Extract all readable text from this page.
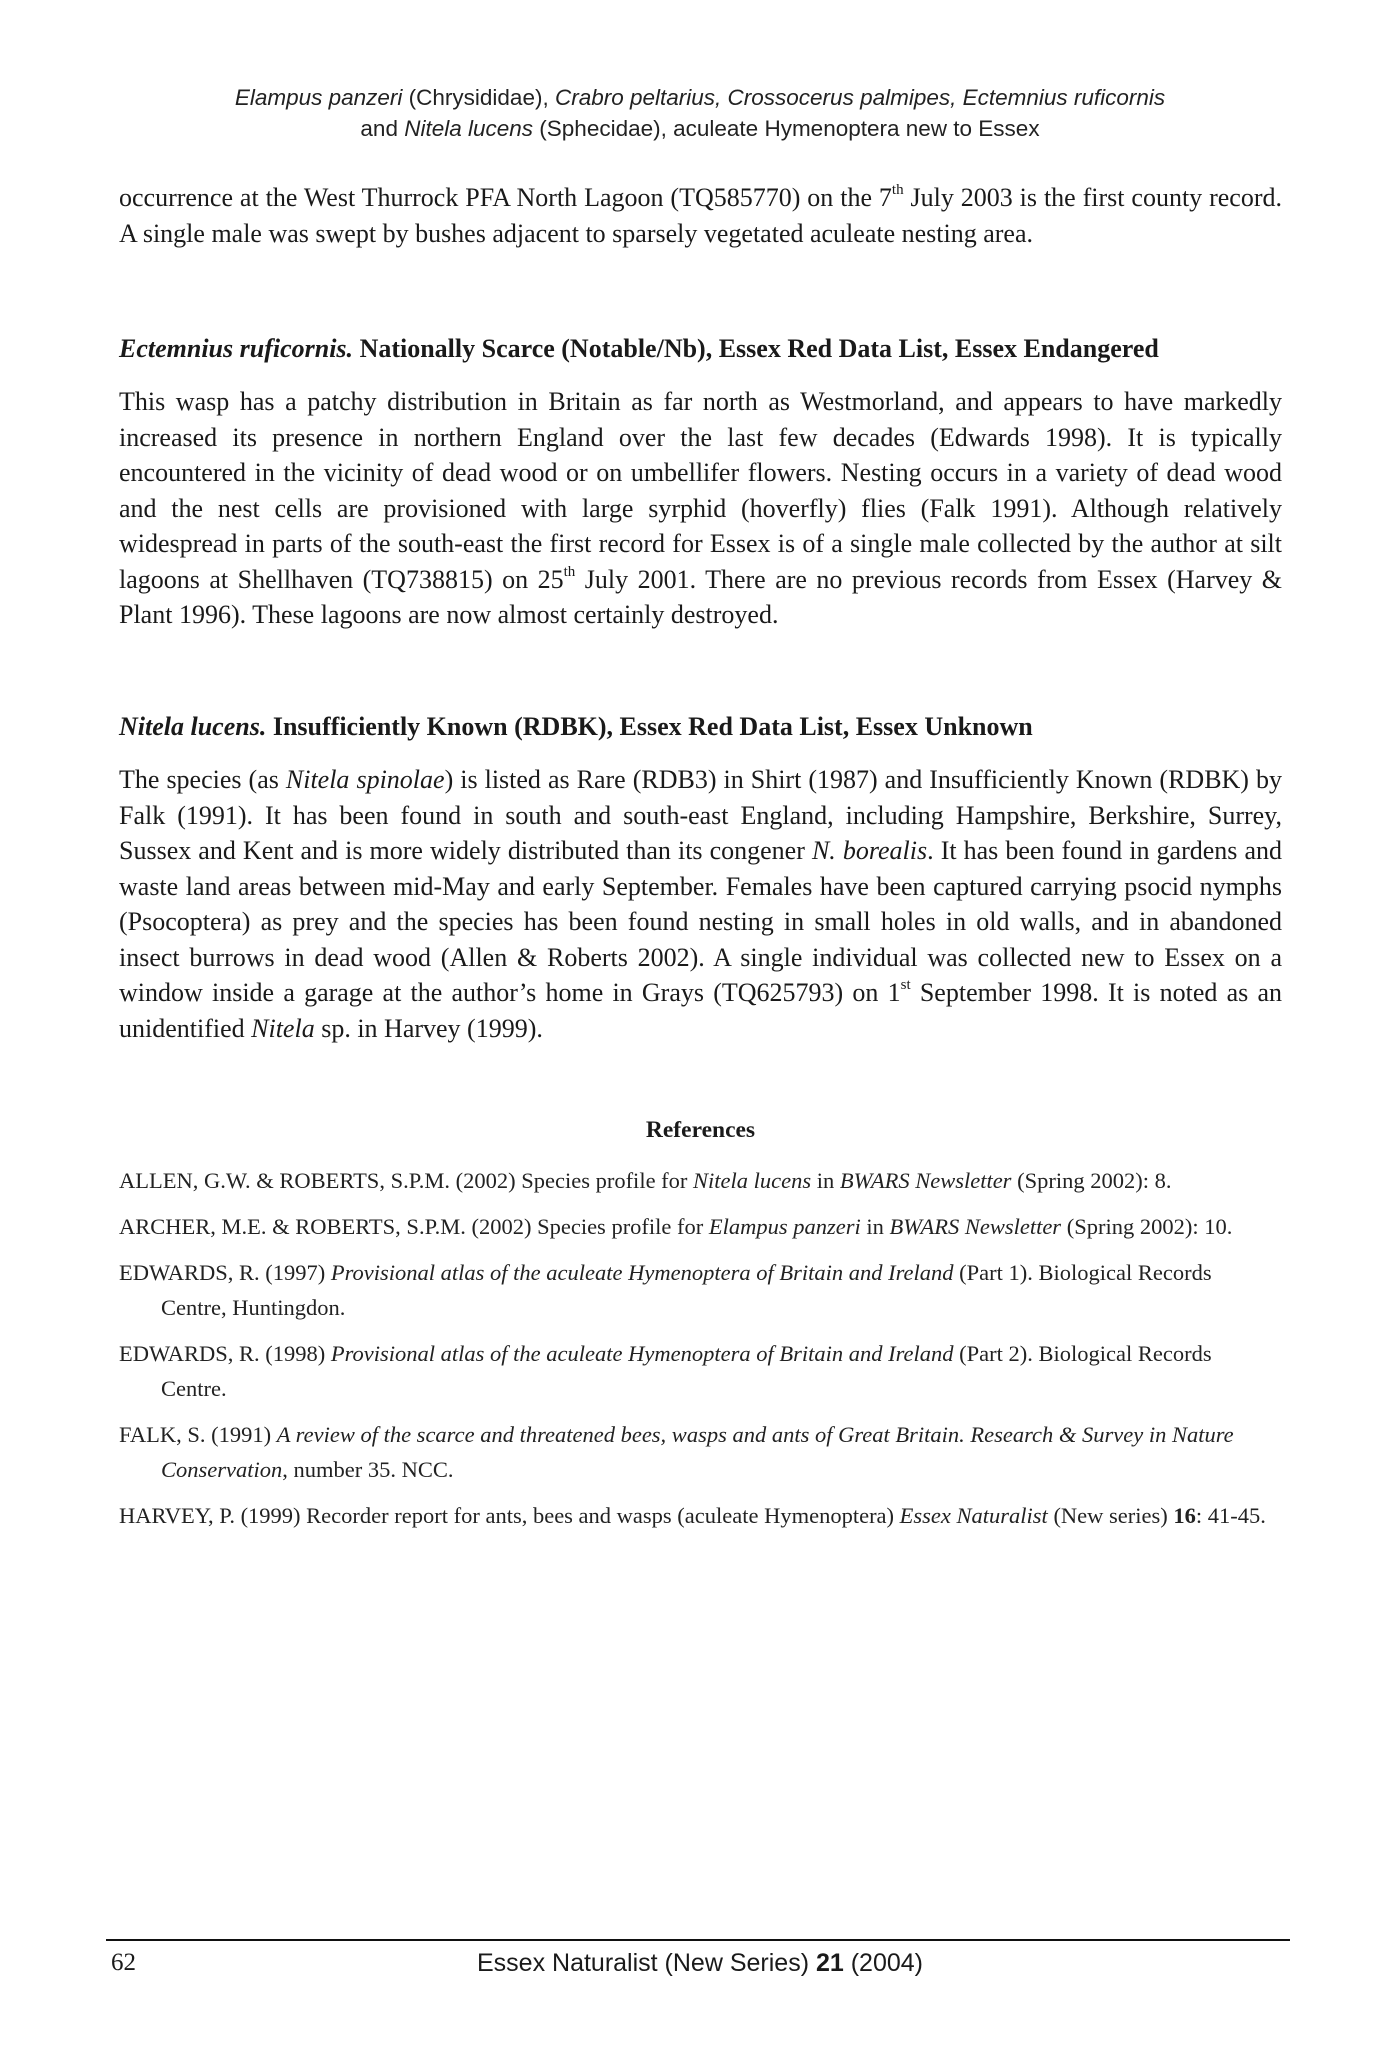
Elampus panzeri (Chrysididae), Crabro peltarius, Crossocerus palmipes, Ectemnius ruficornis
and Nitela lucens (Sphecidae), aculeate Hymenoptera new to Essex
occurrence at the West Thurrock PFA North Lagoon (TQ585770) on the 7th July 2003 is the first county record. A single male was swept by bushes adjacent to sparsely vegetated aculeate nesting area.
Ectemnius ruficornis. Nationally Scarce (Notable/Nb), Essex Red Data List, Essex Endangered
This wasp has a patchy distribution in Britain as far north as Westmorland, and appears to have markedly increased its presence in northern England over the last few decades (Edwards 1998). It is typically encountered in the vicinity of dead wood or on umbellifer flowers. Nesting occurs in a variety of dead wood and the nest cells are provisioned with large syrphid (hoverfly) flies (Falk 1991). Although relatively widespread in parts of the south-east the first record for Essex is of a single male collected by the author at silt lagoons at Shellhaven (TQ738815) on 25th July 2001. There are no previous records from Essex (Harvey & Plant 1996). These lagoons are now almost certainly destroyed.
Nitela lucens. Insufficiently Known (RDBK), Essex Red Data List, Essex Unknown
The species (as Nitela spinolae) is listed as Rare (RDB3) in Shirt (1987) and Insufficiently Known (RDBK) by Falk (1991). It has been found in south and south-east England, including Hampshire, Berkshire, Surrey, Sussex and Kent and is more widely distributed than its congener N. borealis. It has been found in gardens and waste land areas between mid-May and early September. Females have been captured carrying psocid nymphs (Psocoptera) as prey and the species has been found nesting in small holes in old walls, and in abandoned insect burrows in dead wood (Allen & Roberts 2002). A single individual was collected new to Essex on a window inside a garage at the author’s home in Grays (TQ625793) on 1st September 1998. It is noted as an unidentified Nitela sp. in Harvey (1999).
References
ALLEN, G.W. & ROBERTS, S.P.M. (2002) Species profile for Nitela lucens in BWARS Newsletter (Spring 2002): 8.
ARCHER, M.E. & ROBERTS, S.P.M. (2002) Species profile for Elampus panzeri in BWARS Newsletter (Spring 2002): 10.
EDWARDS, R. (1997) Provisional atlas of the aculeate Hymenoptera of Britain and Ireland (Part 1). Biological Records Centre, Huntingdon.
EDWARDS, R. (1998) Provisional atlas of the aculeate Hymenoptera of Britain and Ireland (Part 2). Biological Records Centre.
FALK, S. (1991) A review of the scarce and threatened bees, wasps and ants of Great Britain. Research & Survey in Nature Conservation, number 35. NCC.
HARVEY, P. (1999) Recorder report for ants, bees and wasps (aculeate Hymenoptera) Essex Naturalist (New series) 16: 41-45.
62	Essex Naturalist (New Series) 21 (2004)
